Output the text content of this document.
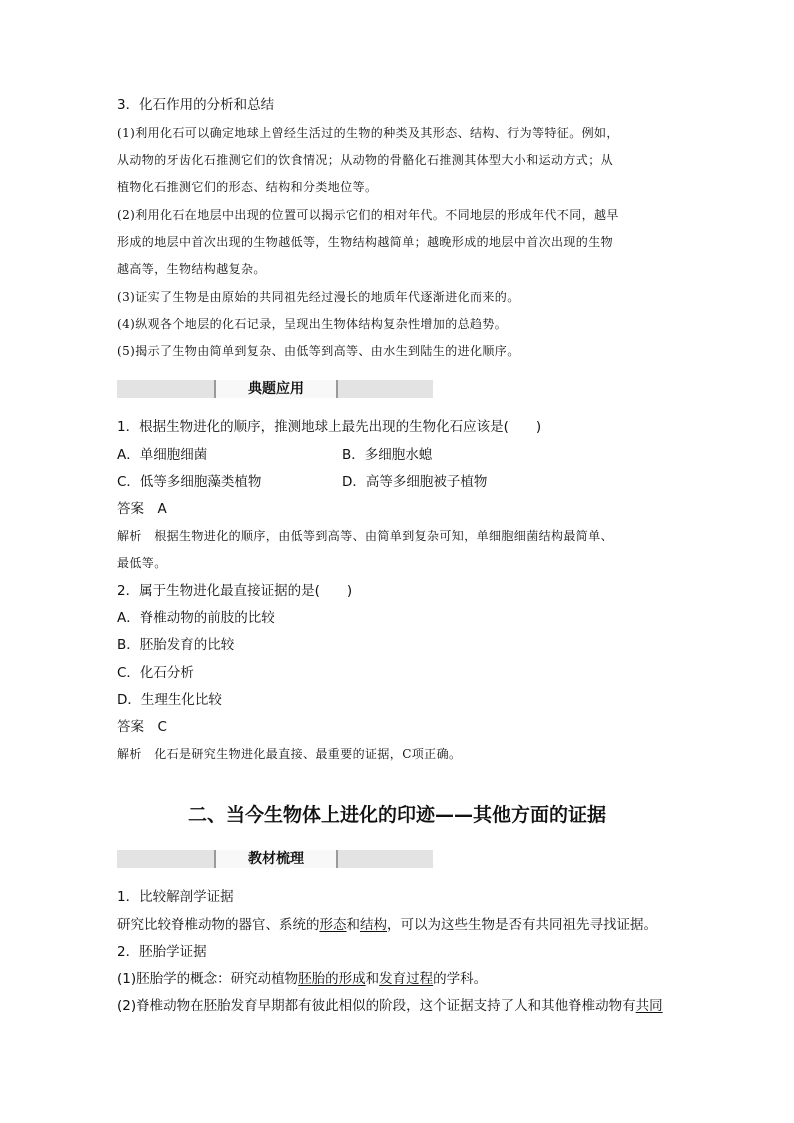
3．化石作用的分析和总结
(1)利用化石可以确定地球上曾经生活过的生物的种类及其形态、结构、行为等特征。例如，
从动物的牙齿化石推测它们的饮食情况；从动物的骨骼化石推测其体型大小和运动方式；从
植物化石推测它们的形态、结构和分类地位等。
(2)利用化石在地层中出现的位置可以揭示它们的相对年代。不同地层的形成年代不同，越早
形成的地层中首次出现的生物越低等，生物结构越简单；越晚形成的地层中首次出现的生物
越高等，生物结构越复杂。
(3)证实了生物是由原始的共同祖先经过漫长的地质年代逐渐进化而来的。
(4)纵观各个地层的化石记录，呈现出生物体结构复杂性增加的总趋势。
(5)揭示了生物由简单到复杂、由低等到高等、由水生到陆生的进化顺序。
典题应用
1．根据生物进化的顺序，推测地球上最先出现的生物化石应该是(　　)
A．单细胞细菌	B．多细胞水螅
C．低等多细胞藻类植物	D．高等多细胞被子植物
答案　A
解析　根据生物进化的顺序，由低等到高等、由简单到复杂可知，单细胞细菌结构最简单、
最低等。
2．属于生物进化最直接证据的是(　　)
A．脊椎动物的前肢的比较
B．胚胎发育的比较
C．化石分析
D．生理生化比较
答案　C
解析　化石是研究生物进化最直接、最重要的证据，C项正确。
二、当今生物体上进化的印迹——其他方面的证据
教材梳理
1．比较解剖学证据
研究比较脊椎动物的器官、系统的形态和结构，可以为这些生物是否有共同祖先寻找证据。
2．胚胎学证据
(1)胚胎学的概念：研究动植物胚胎的形成和发育过程的学科。
(2)脊椎动物在胚胎发育早期都有彼此相似的阶段，这个证据支持了人和其他脊椎动物有共同
